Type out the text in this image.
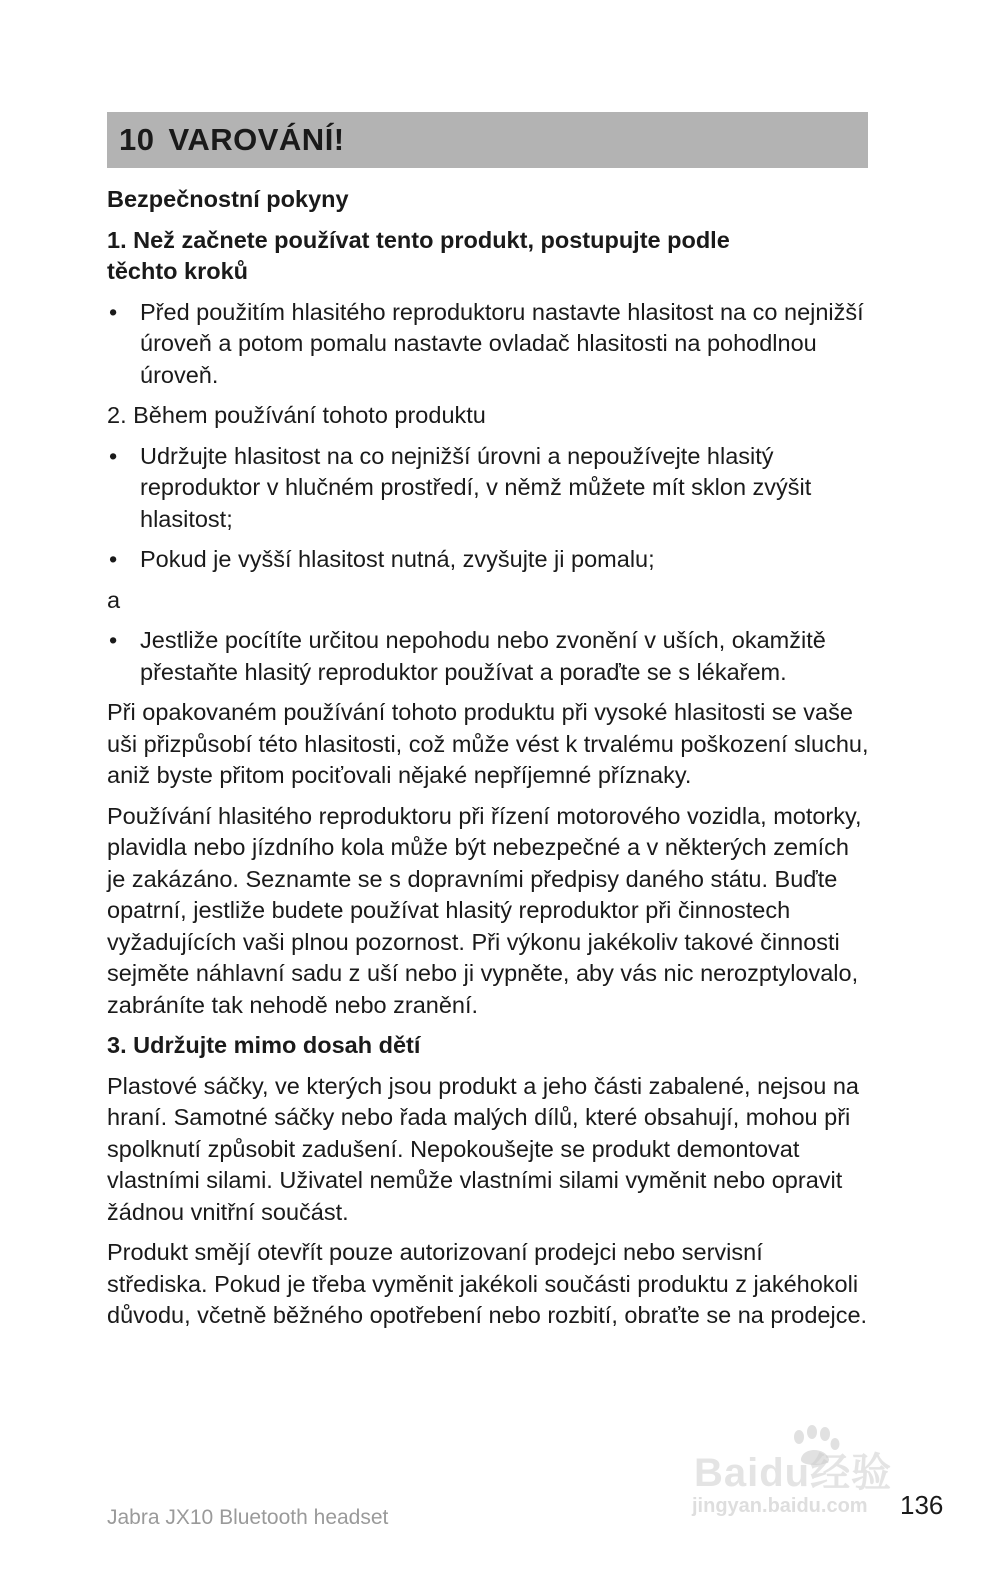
10 VAROVÁNÍ!

Bezpečnostní pokyny

1. Než začnete používat tento produkt, postupujte podle
těchto kroků

• Před použitím hlasitého reproduktoru nastavte hlasitost na co nejnižší úroveň a potom pomalu nastavte ovladač hlasitosti na pohodlnou úroveň.

2. Během používání tohoto produktu

• Udržujte hlasitost na co nejnižší úrovni a nepoužívejte hlasitý reproduktor v hlučném prostředí, v němž můžete mít sklon zvýšit hlasitost;
• Pokud je vyšší hlasitost nutná, zvyšujte ji pomalu;

a

• Jestliže pocítíte určitou nepohodu nebo zvonění v uších, okamžitě přestaňte hlasitý reproduktor používat a poraďte se s lékařem.

Při opakovaném používání tohoto produktu při vysoké hlasitosti se vaše uši přizpůsobí této hlasitosti, což může vést k trvalému poškození sluchu, aniž byste přitom pociťovali nějaké nepříjemné příznaky.

Používání hlasitého reproduktoru při řízení motorového vozidla, motorky, plavidla nebo jízdního kola může být nebezpečné a v některých zemích je zakázáno. Seznamte se s dopravními předpisy daného státu. Buďte opatrní, jestliže budete používat hlasitý reproduktor při činnostech vyžadujících vaši plnou pozornost. Při výkonu jakékoliv takové činnosti sejměte náhlavní sadu z uší nebo ji vypněte, aby vás nic nerozptylovalo, zabráníte tak nehodě nebo zranění.

3. Udržujte mimo dosah dětí

Plastové sáčky, ve kterých jsou produkt a jeho části zabalené, nejsou na hraní. Samotné sáčky nebo řada malých dílů, které obsahují, mohou při spolknutí způsobit zadušení. Nepokoušejte se produkt demontovat vlastními silami. Uživatel nemůže vlastními silami vyměnit nebo opravit žádnou vnitřní součást.

Produkt smějí otevřít pouze autorizovaní prodejci nebo servisní střediska. Pokud je třeba vyměnit jakékoli součásti produktu z jakéhokoli důvodu, včetně běžného opotřebení nebo rozbití, obraťte se na prodejce.

Jabra JX10 Bluetooth headset
Baidu经验
jingyan.baidu.com 136
